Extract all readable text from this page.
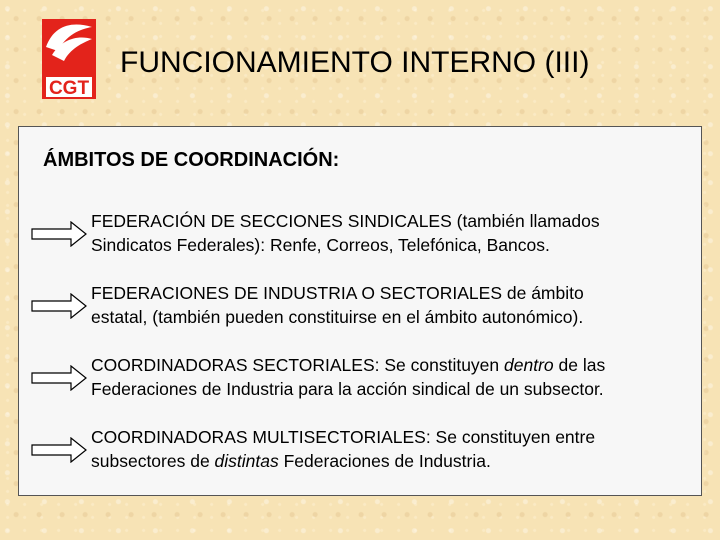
CGT
FUNCIONAMIENTO INTERNO (III)
ÁMBITOS DE COORDINACIÓN:

FEDERACIÓN DE SECCIONES SINDICALES (también llamados
Sindicatos Federales): Renfe, Correos, Telefónica, Bancos.

FEDERACIONES DE INDUSTRIA O SECTORIALES de ámbito
estatal, (también pueden constituirse en el ámbito autonómico).

COORDINADORAS SECTORIALES: Se constituyen dentro de las
Federaciones de Industria para la acción sindical de un subsector.

COORDINADORAS MULTISECTORIALES: Se constituyen entre
subsectores de distintas Federaciones de Industria.
